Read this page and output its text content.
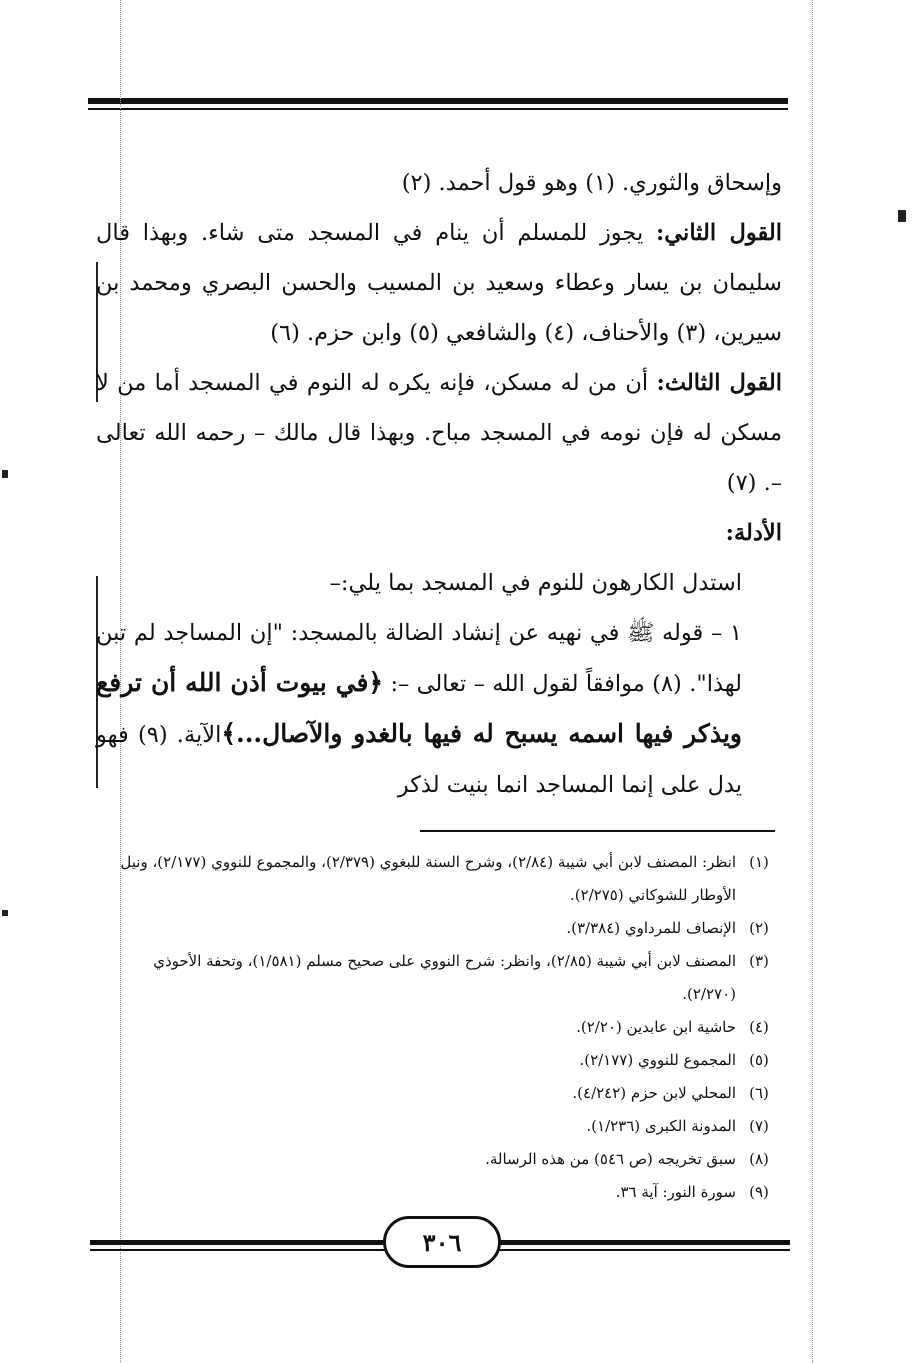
وإسحاق والثوري. (١) وهو قول أحمد. (٢)

القول الثاني: يجوز للمسلم أن ينام في المسجد متى شاء. وبهذا قال سليمان بن يسار وعطاء وسعيد بن المسيب والحسن البصري ومحمد بن سيرين، (٣) والأحناف، (٤) والشافعي (٥) وابن حزم. (٦)

القول الثالث: أن من له مسكن، فإنه يكره له النوم في المسجد أما من لا مسكن له فإن نومه في المسجد مباح. وبهذا قال مالك – رحمه الله تعالى –. (٧)

الأدلة:

استدل الكارهون للنوم في المسجد بما يلي:–

١ – قوله ﷺ في نهيه عن إنشاد الضالة بالمسجد: "إن المساجد لم تبن لهذا". (٨) موافقاً لقول الله – تعالى –: ﴿في بيوت أذن الله أن ترفع ويذكر فيها اسمه يسبح له فيها بالغدو والآصال...﴾الآية. (٩) فهو يدل على إنما المساجد انما بنيت لذكر

(١)
انظر: المصنف لابن أبي شيبة (٢/٨٤)، وشرح السنة للبغوي (٢/٣٧٩)، والمجموع للنووي (٢/١٧٧)، ونيل الأوطار للشوكاني (٢/٢٧٥).
(٢)
الإنصاف للمرداوي (٣/٣٨٤).
(٣)
المصنف لابن أبي شيبة (٢/٨٥)، وانظر: شرح النووي على صحيح مسلم (١/٥٨١)، وتحفة الأحوذي (٢/٢٧٠).
(٤)
حاشية ابن عابدين (٢/٢٠).
(٥)
المجموع للنووي (٢/١٧٧).
(٦)
المحلي لابن حزم (٤/٢٤٢).
(٧)
المدونة الكبرى (١/٢٣٦).
(٨)
سبق تخريجه (ص ٥٤٦) من هذه الرسالة.
(٩)
سورة النور: آية ٣٦.
٣٠٦
